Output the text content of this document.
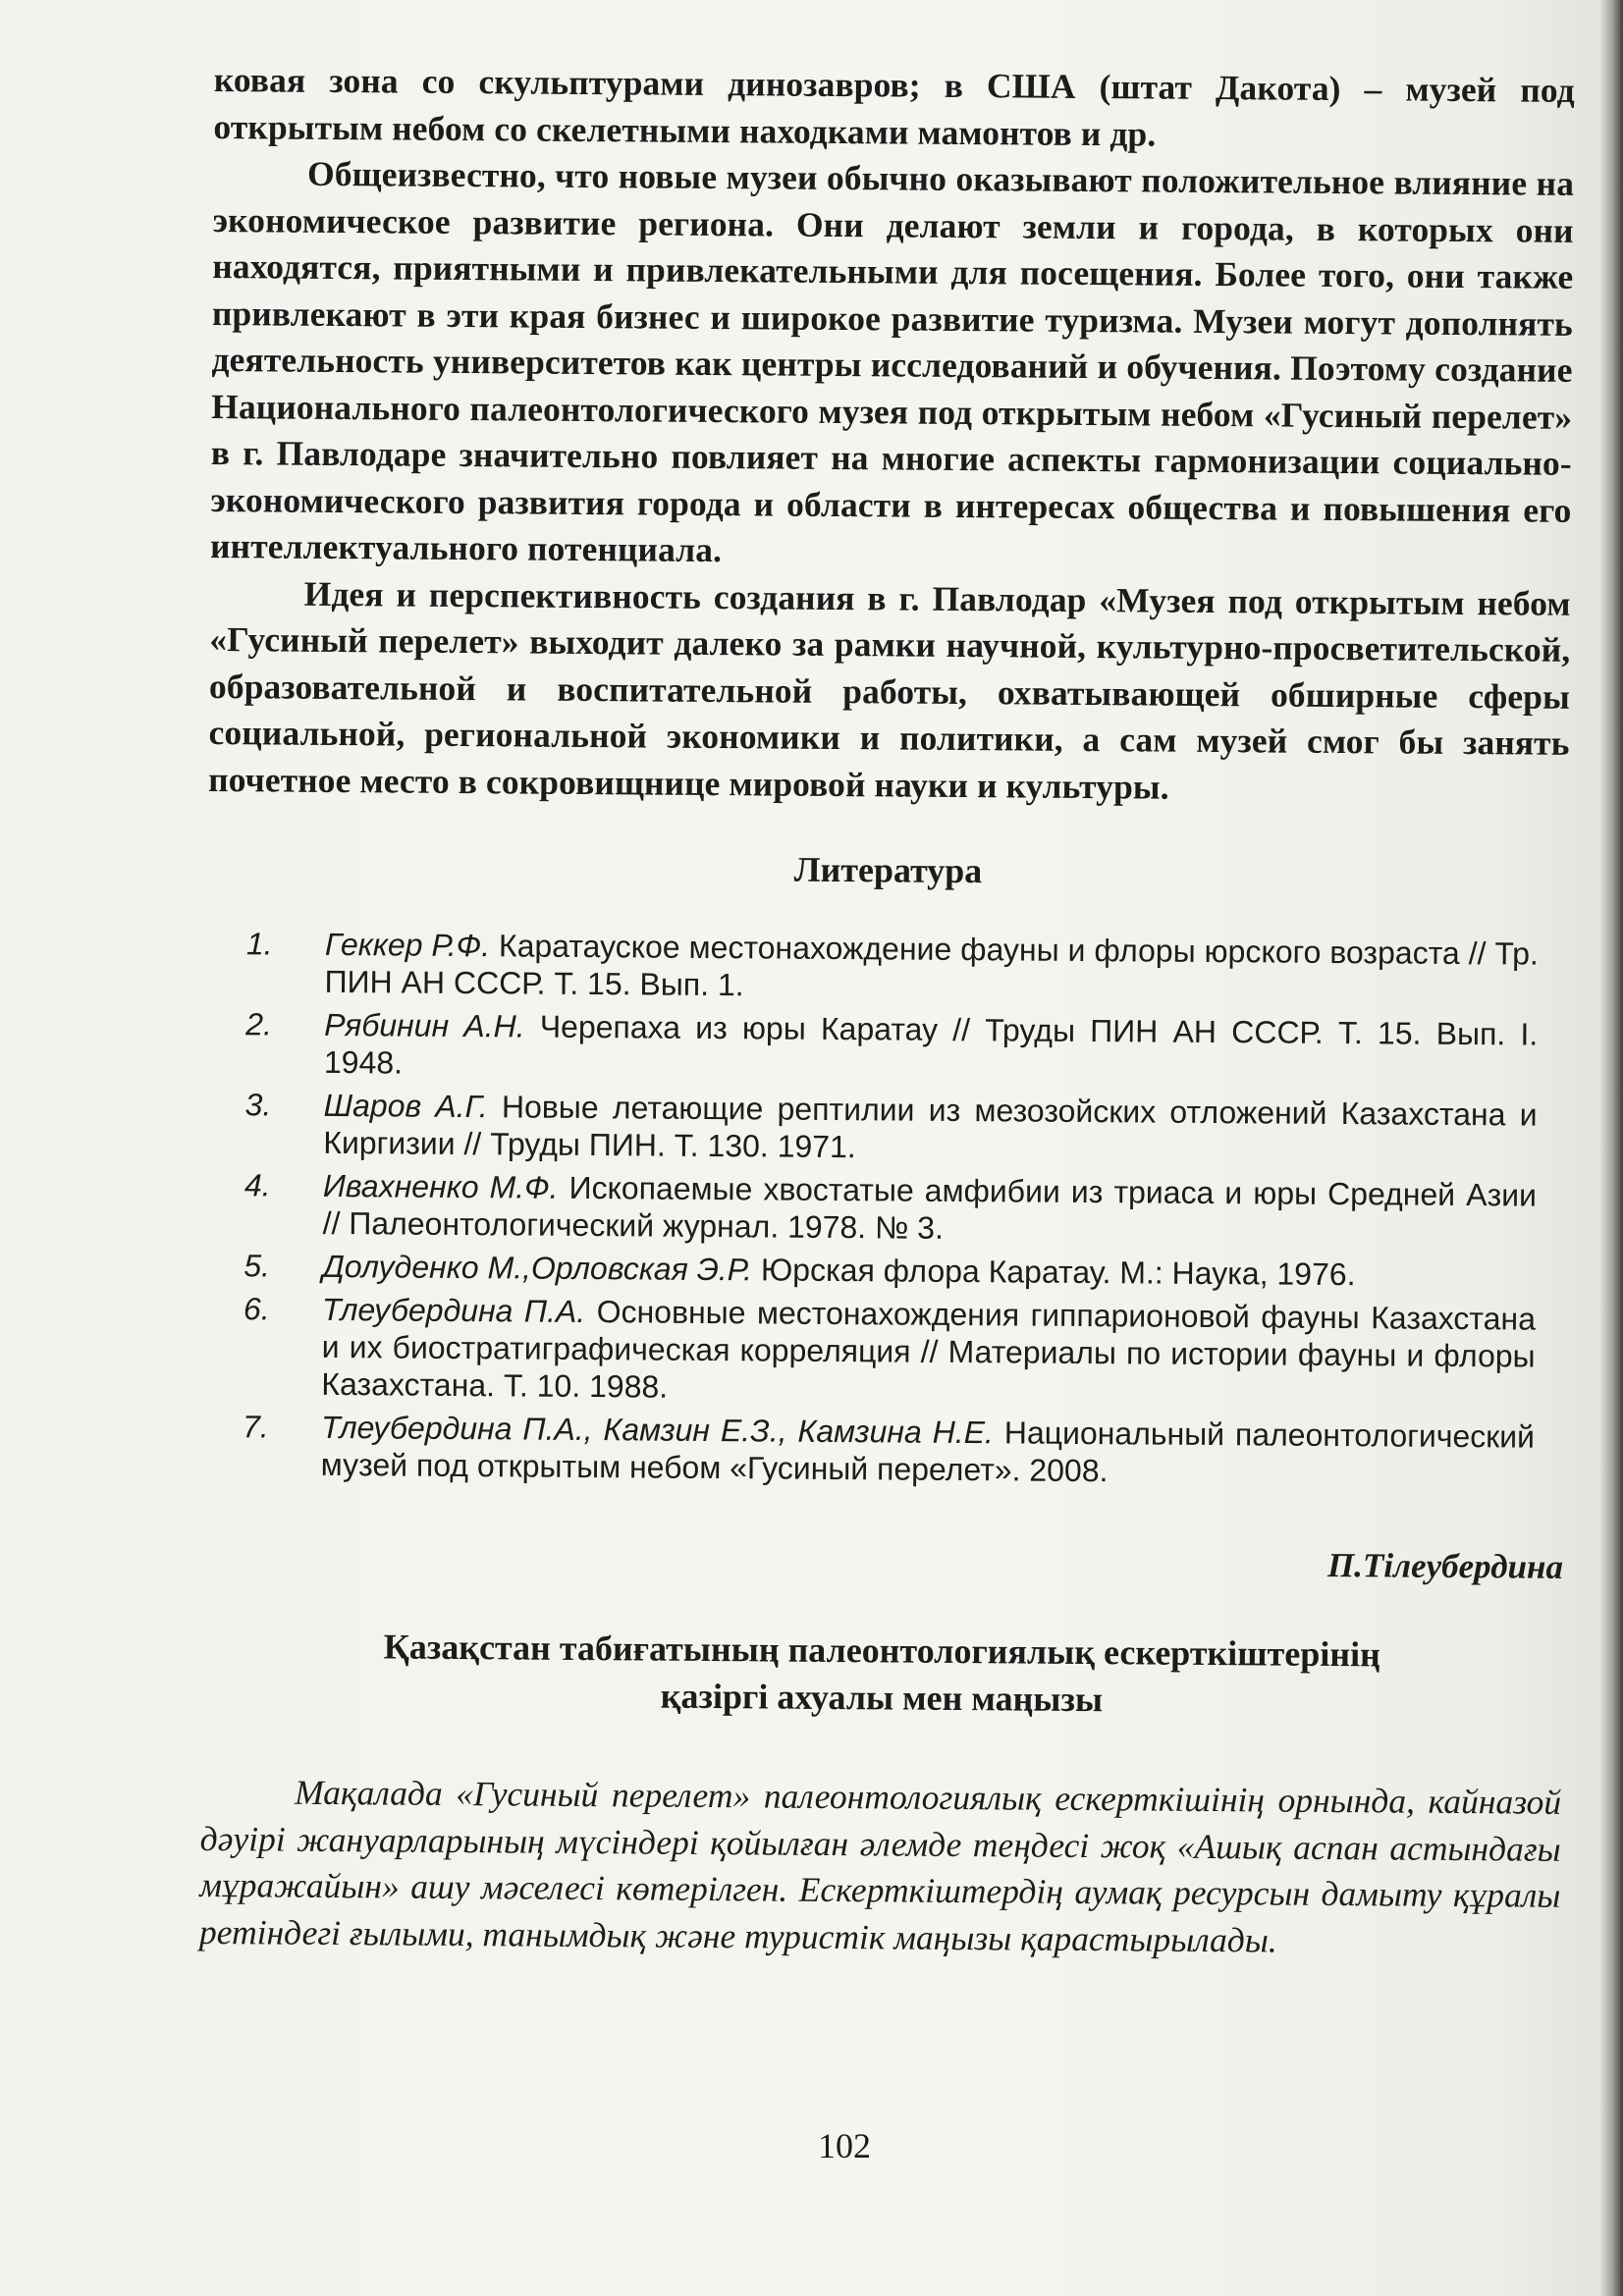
ковая зона со скульптурами динозавров; в США (штат Дакота) – музей под открытым небом со скелетными находками мамонтов и др.

Общеизвестно, что новые музеи обычно оказывают положительное влияние на экономическое развитие региона. Они делают земли и города, в которых они находятся, приятными и привлекательными для посещения. Более того, они также привлекают в эти края бизнес и широкое развитие туризма. Музеи могут дополнять деятельность университетов как центры исследований и обучения. Поэтому создание Национального палеонтологического музея под открытым небом «Гусиный перелет» в г. Павлодаре значительно повлияет на многие аспекты гармонизации социально-экономического развития города и области в интересах общества и повышения его интеллектуального потенциала.

Идея и перспективность создания в г. Павлодар «Музея под открытым небом «Гусиный перелет» выходит далеко за рамки научной, культурно-просветительской, образовательной и воспитательной работы, охватывающей обширные сферы социальной, региональной экономики и политики, а сам музей смог бы занять почетное место в сокровищнице мировой науки и культуры.

Литература
1.	Геккер Р.Ф. Каратауское местонахождение фауны и флоры юрского возраста // Тр. ПИН АН СССР. Т. 15. Вып. 1.
2.	Рябинин А.Н. Черепаха из юры Каратау // Труды ПИН АН СССР. Т. 15. Вып. I. 1948.
3.	Шаров А.Г. Новые летающие рептилии из мезозойских отложений Казахстана и Киргизии // Труды ПИН. Т. 130. 1971.
4.	Ивахненко М.Ф. Ископаемые хвостатые амфибии из триаса и юры Средней Азии // Палеонтологический журнал. 1978. № 3.
5.	Долуденко М.,Орловская Э.Р. Юрская флора Каратау. М.: Наука, 1976.
6.	Тлеубердина П.А. Основные местонахождения гиппарионовой фауны Казахстана и их биостратиграфическая корреляция // Материалы по истории фауны и флоры Казахстана. Т. 10. 1988.
7.	Тлеубердина П.А., Камзин Е.З., Камзина Н.Е. Национальный палеонтологический музей под открытым небом «Гусиный перелет». 2008.
П.Тілеубердина
Қазақстан табиғатының палеонтологиялық ескерткіштерінің
қазіргі ахуалы мен маңызы

Мақалада «Гусиный перелет» палеонтологиялық ескерткішінің орнында, кайназой дәуірі жануарларының мүсіндері қойылған әлемде теңдесі жоқ «Ашық аспан астындағы мұражайын» ашу мәселесі көтерілген. Ескерткіштердің аумақ ресурсын дамыту құралы ретіндегі ғылыми, танымдық және туристік маңызы қарастырылады.

102
